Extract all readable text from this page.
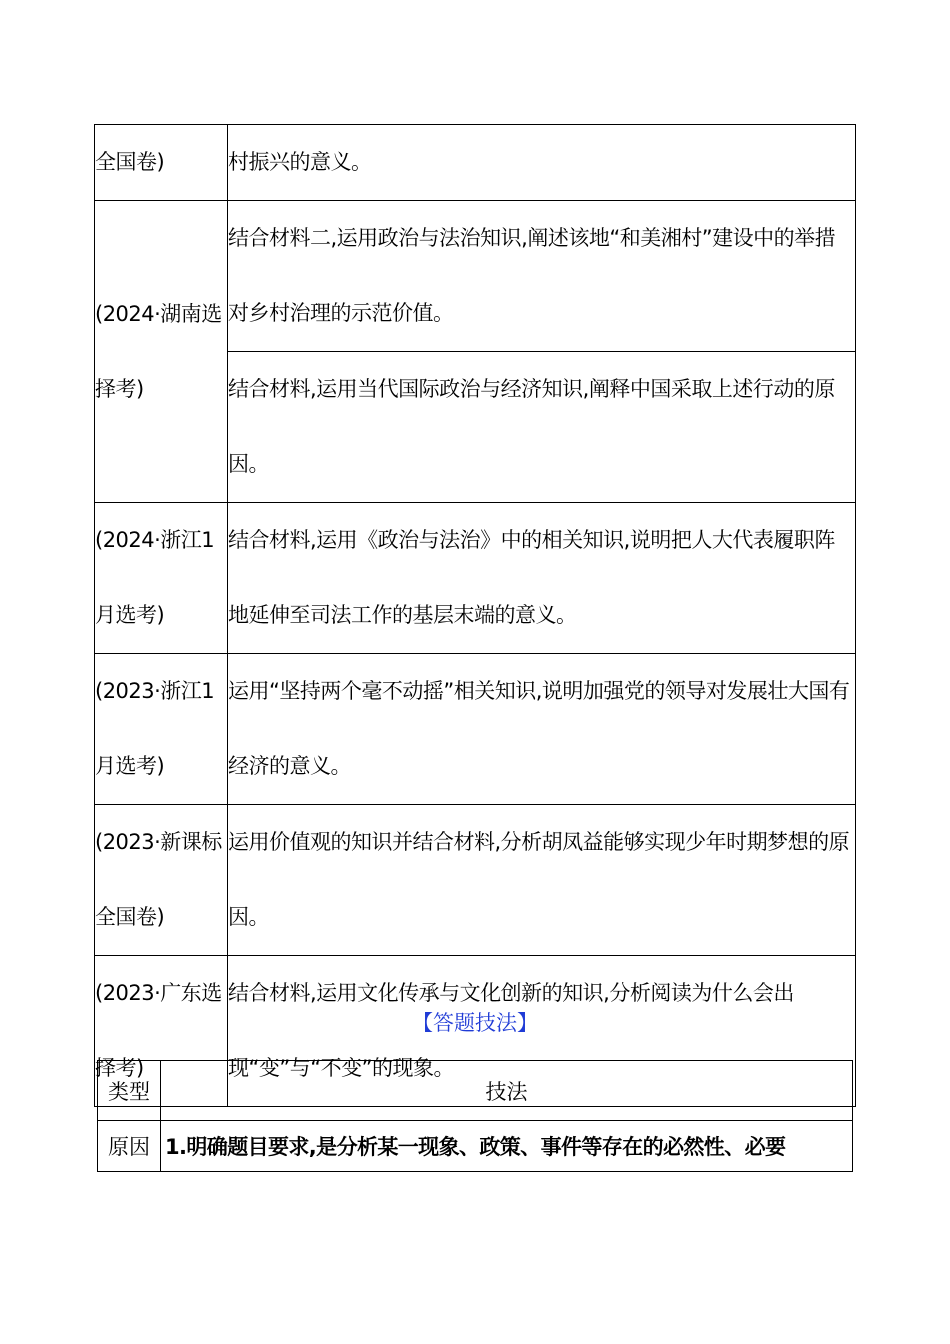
全国卷)	村振兴的意义。
(2024·湖南选择考)	结合材料二,运用政治与法治知识,阐述该地“和美湘村”建设中的举措对乡村治理的示范价值。
	结合材料,运用当代国际政治与经济知识,阐释中国采取上述行动的原因。
(2024·浙江1月选考)	结合材料,运用《政治与法治》中的相关知识,说明把人大代表履职阵地延伸至司法工作的基层末端的意义。
(2023·浙江1月选考)	运用“坚持两个毫不动摇”相关知识,说明加强党的领导对发展壮大国有经济的意义。
(2023·新课标全国卷)	运用价值观的知识并结合材料,分析胡凤益能够实现少年时期梦想的原因。
(2023·广东选择考)	结合材料,运用文化传承与文化创新的知识,分析阅读为什么会出现“变”与“不变”的现象。
【答题技法】
类型	技法
原因	1.明确题目要求,是分析某一现象、政策、事件等存在的必然性、必要
